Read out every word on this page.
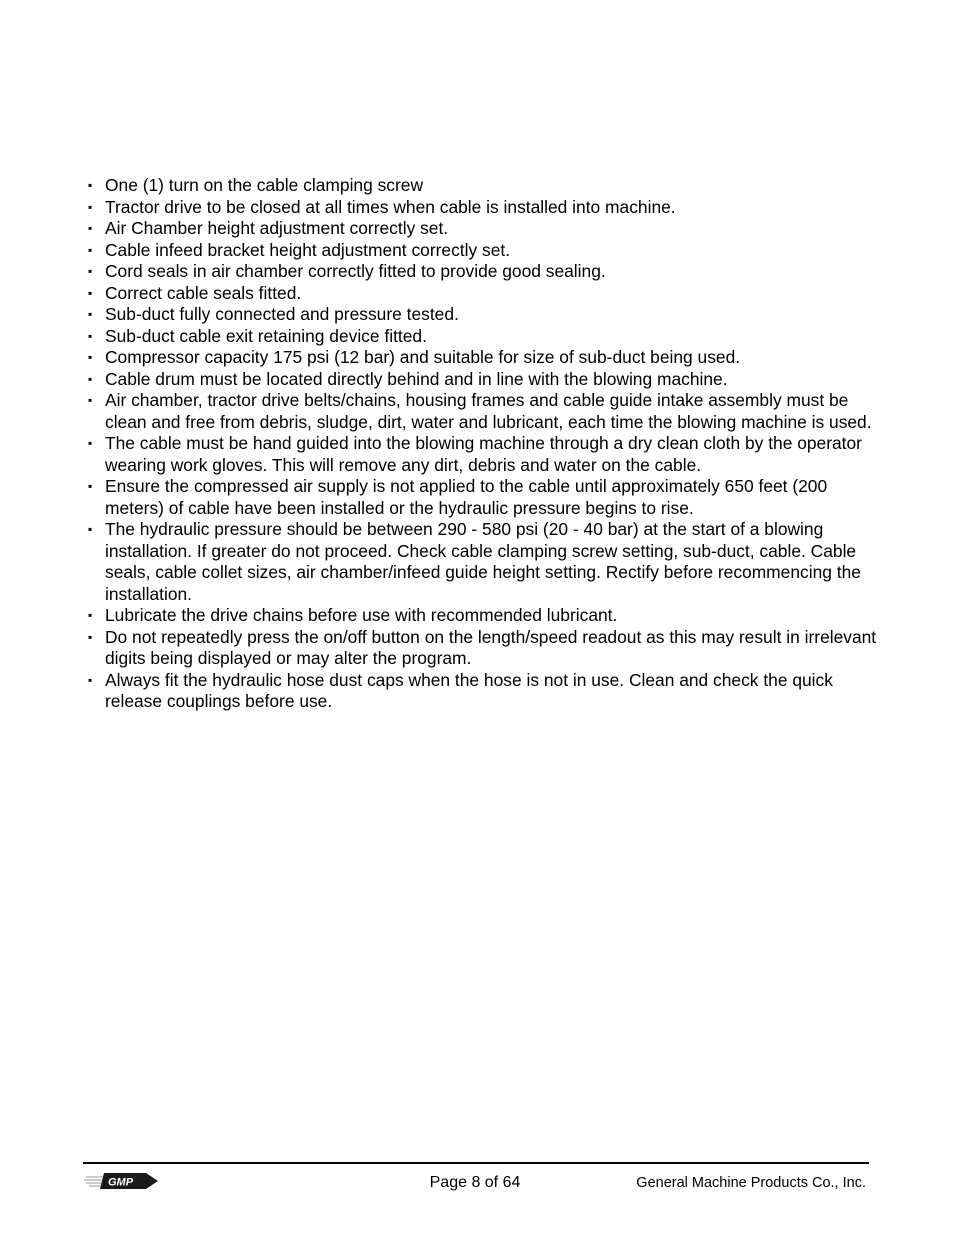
▪ One (1) turn on the cable clamping screw
▪ Tractor drive to be closed at all times when cable is installed into machine.
▪ Air Chamber height adjustment correctly set.
▪ Cable infeed bracket height adjustment correctly set.
▪ Cord seals in air chamber correctly fitted to provide good sealing.
▪ Correct cable seals fitted.
▪ Sub-duct fully connected and pressure tested.
▪ Sub-duct cable exit retaining device fitted.
▪ Compressor capacity 175 psi (12 bar) and suitable for size of sub-duct being used.
▪ Cable drum must be located directly behind and in line with the blowing machine.
▪ Air chamber, tractor drive belts/chains, housing frames and cable guide intake assembly must be clean and free from debris, sludge, dirt, water and lubricant, each time the blowing machine is used.
▪ The cable must be hand guided into the blowing machine through a dry clean cloth by the operator wearing work gloves. This will remove any dirt, debris and water on the cable.
▪ Ensure the compressed air supply is not applied to the cable until approximately 650 feet (200 meters) of cable have been installed or the hydraulic pressure begins to rise.
▪ The hydraulic pressure should be between 290 - 580 psi (20 - 40 bar) at the start of a blowing installation. If greater do not proceed. Check cable clamping screw setting, sub-duct, cable. Cable seals, cable collet sizes, air chamber/infeed guide height setting. Rectify before recommencing the installation.
▪ Lubricate the drive chains before use with recommended lubricant.
▪ Do not repeatedly press the on/off button on the length/speed readout as this may result in irrelevant digits being displayed or may alter the program.
▪ Always fit the hydraulic hose dust caps when the hose is not in use. Clean and check the quick release couplings before use.
GMP	Page 8 of 64	General Machine Products Co., Inc.
